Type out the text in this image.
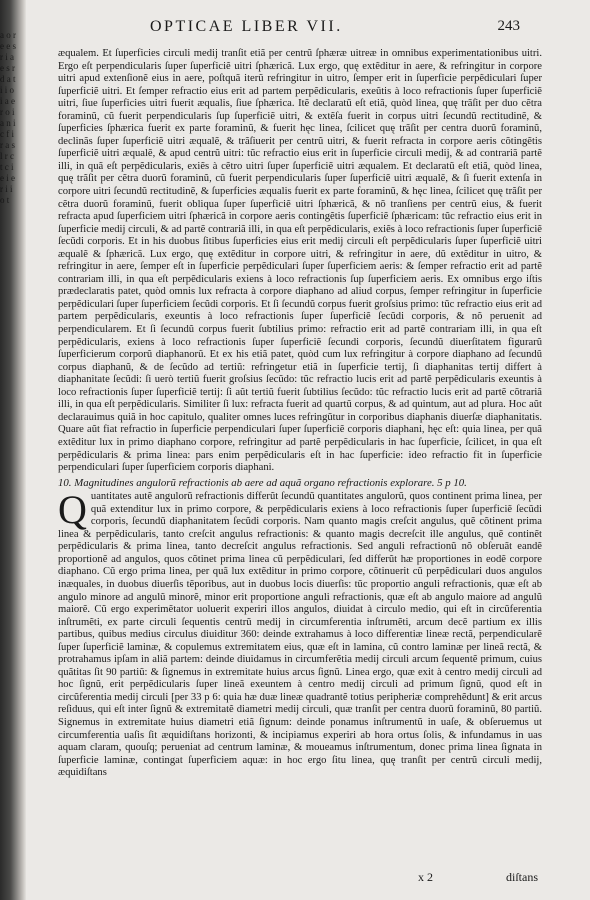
a o r e e s r i a e s r d a t i i o i a e r o i a n i c f i r a s l r c t c i e i e r i i o t
OPTICAE LIBER VII.	243

æqualem. Et ſuperficies circuli medij tranſit etiã per centrũ ſphæræ uitreæ in omnibus experimentationibus uitri. Ergo eſt perpendicularis ſuper ſuperficiẽ uitri ſphæricã. Lux ergo, quę extẽditur in aere, & refringitur in corpore uitri apud extenſionẽ eius in aere, poſtquã iterũ refringitur in uitro, ſemper erit in ſuperficie perpẽdiculari ſuper ſuperficiẽ uitri. Et ſemper refractio eius erit ad partem perpẽdicularis, exeũtis à loco refractionis ſuper ſuperficiẽ uitri, ſiue ſuperficies uitri fuerit æqualis, ſiue ſphærica. Itẽ declaratũ eſt etiã, quòd linea, quę trãſit per duo cẽtra foraminũ, cũ fuerit perpendicularis ſup ſuperficiẽ uitri, & extẽſa fuerit in corpus uitri ſecundũ rectitudinẽ, & ſuperficies ſphærica fuerit ex parte foraminũ, & fuerit hęc linea, ſcilicet quę trãſit per centra duorũ foraminũ, declinãs ſuper ſuperficiẽ uitri æqualẽ, & trãſiuerit per centrũ uitri, & fuerit refracta in corpore aeris cõtingẽtis ſuperficiẽ uitri æqualẽ, & apud centrũ uitri: tũc refractio eius erit in ſuperficie circuli medij, & ad contrariã partẽ illi, in quã eſt perpẽdicularis, exiẽs à cẽtro uitri ſuper ſuperficiẽ uitri æqualem. Et declaratũ eſt etiã, quòd linea, quę trãſit per cẽtra duorũ foraminũ, cũ fuerit perpendicularis ſuper ſuperficiẽ uitri æqualẽ, & ſi fuerit extenſa in corpore uitri ſecundũ rectitudinẽ, & ſuperficies æqualis fuerit ex parte foraminũ, & hęc linea, ſcilicet quę trãſit per cẽtra duorũ foraminũ, fuerit obliqua ſuper ſuperficiẽ uitri ſphæricã, & nõ tranſiens per centrũ eius, & fuerit refracta apud ſuperficiem uitri ſphæricã in corpore aeris contingẽtis ſuperficiẽ ſphæricam: tũc refractio eius erit in ſuperficie medij circuli, & ad partẽ contrariã illi, in qua eſt perpẽdicularis, exiẽs à loco refractionis ſuper ſuperficiẽ ſecũdi corporis. Et in his duobus ſitibus ſuperficies eius erit medij circuli eſt perpẽdicularis ſuper ſuperficiẽ uitri æqualẽ & ſphæricã. Lux ergo, quę extẽditur in corpore uitri, & refringitur in aere, dũ extẽditur in uitro, & refringitur in aere, ſemper eſt in ſuperficie perpẽdiculari ſuper ſuperficiem aeris: & ſemper refractio erit ad partẽ contrariam illi, in qua eſt perpẽdicularis exiens à loco refractionis ſup ſuperficiem aeris. Ex omnibus ergo iſtis prædeclaratis patet, quòd omnis lux refracta à corpore diaphano ad aliud corpus, ſemper refringitur in ſuperficie perpẽdiculari ſuper ſuperficiem ſecũdi corporis. Et ſi ſecundũ corpus fuerit groſsius primo: tũc refractio eius erit ad partem perpẽdicularis, exeuntis à loco refractionis ſuper ſuperficiẽ ſecũdi corporis, & nõ peruenit ad perpendicularem. Et ſi ſecundũ corpus fuerit ſubtilius primo: refractio erit ad partẽ contrariam illi, in qua eſt perpẽdicularis, exiens à loco refractionis ſuper ſuperficiẽ ſecundi corporis, ſecundũ diuerſitatem figurarũ ſuperficierum corporũ diaphanorũ. Et ex his etiã patet, quòd cum lux refringitur à corpore diaphano ad ſecundũ corpus diaphanũ, & de ſecũdo ad tertiũ: refringetur etiã in ſuperficie tertij, ſi diaphanitas tertij differt à diaphanitate ſecũdi: ſi uerò tertiũ fuerit groſsius ſecũdo: tũc refractio lucis erit ad partẽ perpẽdicularis exeuntis à loco refractionis ſuper ſuperficiẽ tertij: ſi aũt tertiũ fuerit ſubtilius ſecũdo: tũc refractio lucis erit ad partẽ cõtrariã illi, in qua eſt perpẽdicularis. Similiter ſi lux: refracta fuerit ad quartũ corpus, & ad quintum, aut ad plura. Hoc aũt declarauimus quiã in hoc capitulo, qualiter omnes luces refringũtur in corporibus diaphanis diuerſæ diaphanitatis. Quare aũt fiat refractio in ſuperficie perpendiculari ſuper ſuperficiẽ corporis diaphani, hęc eſt: quia linea, per quã extẽditur lux in primo diaphano corpore, refringitur ad partẽ perpẽdicularis in hac ſuperficie, ſcilicet, in qua eſt perpẽdicularis & prima linea: pars enim perpẽdicularis eſt in hac ſuperficie: ideo refractio fit in ſuperficie perpendiculari ſuper ſuperficiem corporis diaphani.

10. Magnitudines angulorũ refractionis ab aere ad aquã organo refractionis explorare. 5 p 10.

Quantitates autẽ angulorũ refractionis differũt ſecundũ quantitates angulorũ, quos continent prima linea, per quã extenditur lux in primo corpore, & perpẽdicularis exiens à loco refractionis ſuper ſuperficiẽ ſecũdi corporis, ſecundũ diaphanitatem ſecũdi corporis. Nam quanto magis creſcit angulus, quẽ cõtinent prima linea & perpẽdicularis, tanto creſcit angulus refractionis: & quanto magis decreſcit ille angulus, quẽ continẽt perpẽdicularis & prima linea, tanto decreſcit angulus refractionis. Sed anguli refractionũ nõ obſeruãt eandẽ proportionẽ ad angulos, quos cõtinet prima linea cũ perpẽdiculari, ſed differũt hæ proportiones in eodẽ corpore diaphano. Cũ ergo prima linea, per quã lux extẽditur in primo corpore, cõtinuerit cũ perpẽdiculari duos angulos inæquales, in duobus diuerſis tẽporibus, aut in duobus locis diuerſis: tũc proportio anguli refractionis, quæ eſt ab angulo minore ad angulũ minorẽ, minor erit proportione anguli refractionis, quæ eſt ab angulo maiore ad angulũ maiorẽ. Cũ ergo experimẽtator uoluerit experiri illos angulos, diuidat à circulo medio, qui eſt in circũferentia inſtrumẽti, ex parte circuli ſequentis centrũ medij in circumferentia inſtrumẽti, arcum decẽ partium ex illis partibus, quibus medius circulus diuiditur 360: deinde extrahamus à loco differentiæ lineæ rectã, perpendicularẽ ſuper ſuperficiẽ laminæ, & copulemus extremitatem eius, quæ eſt in lamina, cũ contro laminæ per lineã rectã, & protrahamus ipſam in aliã partem: deinde diuidamus in circumferẽtia medij circuli arcum ſequentẽ primum, cuius quãtitas ſit 90 partiũ: & ſignemus in extremitate huius arcus ſignũ. Linea ergo, quæ exit à centro medij circuli ad hoc ſignũ, erit perpẽdicularis ſuper lineã exeuntem à centro medij circuli ad primum ſignũ, quod eſt in circũferentia medij circuli [per 33 p 6: quia hæ duæ lineæ quadrantẽ totius peripheriæ comprehẽdunt] & erit arcus reſiduus, qui eſt inter ſignũ & extremitatẽ diametri medij circuli, quæ tranſit per centra duorũ foraminũ, 80 partiũ. Signemus in extremitate huius diametri etiã ſignum: deinde ponamus inſtrumentũ in uaſe, & obſeruemus ut circumferentia uaſis ſit æquidiſtans horizonti, & incipiamus experiri ab hora ortus ſolis, & infundamus in uas aquam claram, quouſq; perueniat ad centrum laminæ, & moueamus inſtrumentum, donec prima linea ſignata in ſuperficie laminæ, contingat ſuperficiem aquæ: in hoc ergo ſitu linea, quę tranſit per centrũ circuli medij, æquidiſtans

x 2	diſtans
